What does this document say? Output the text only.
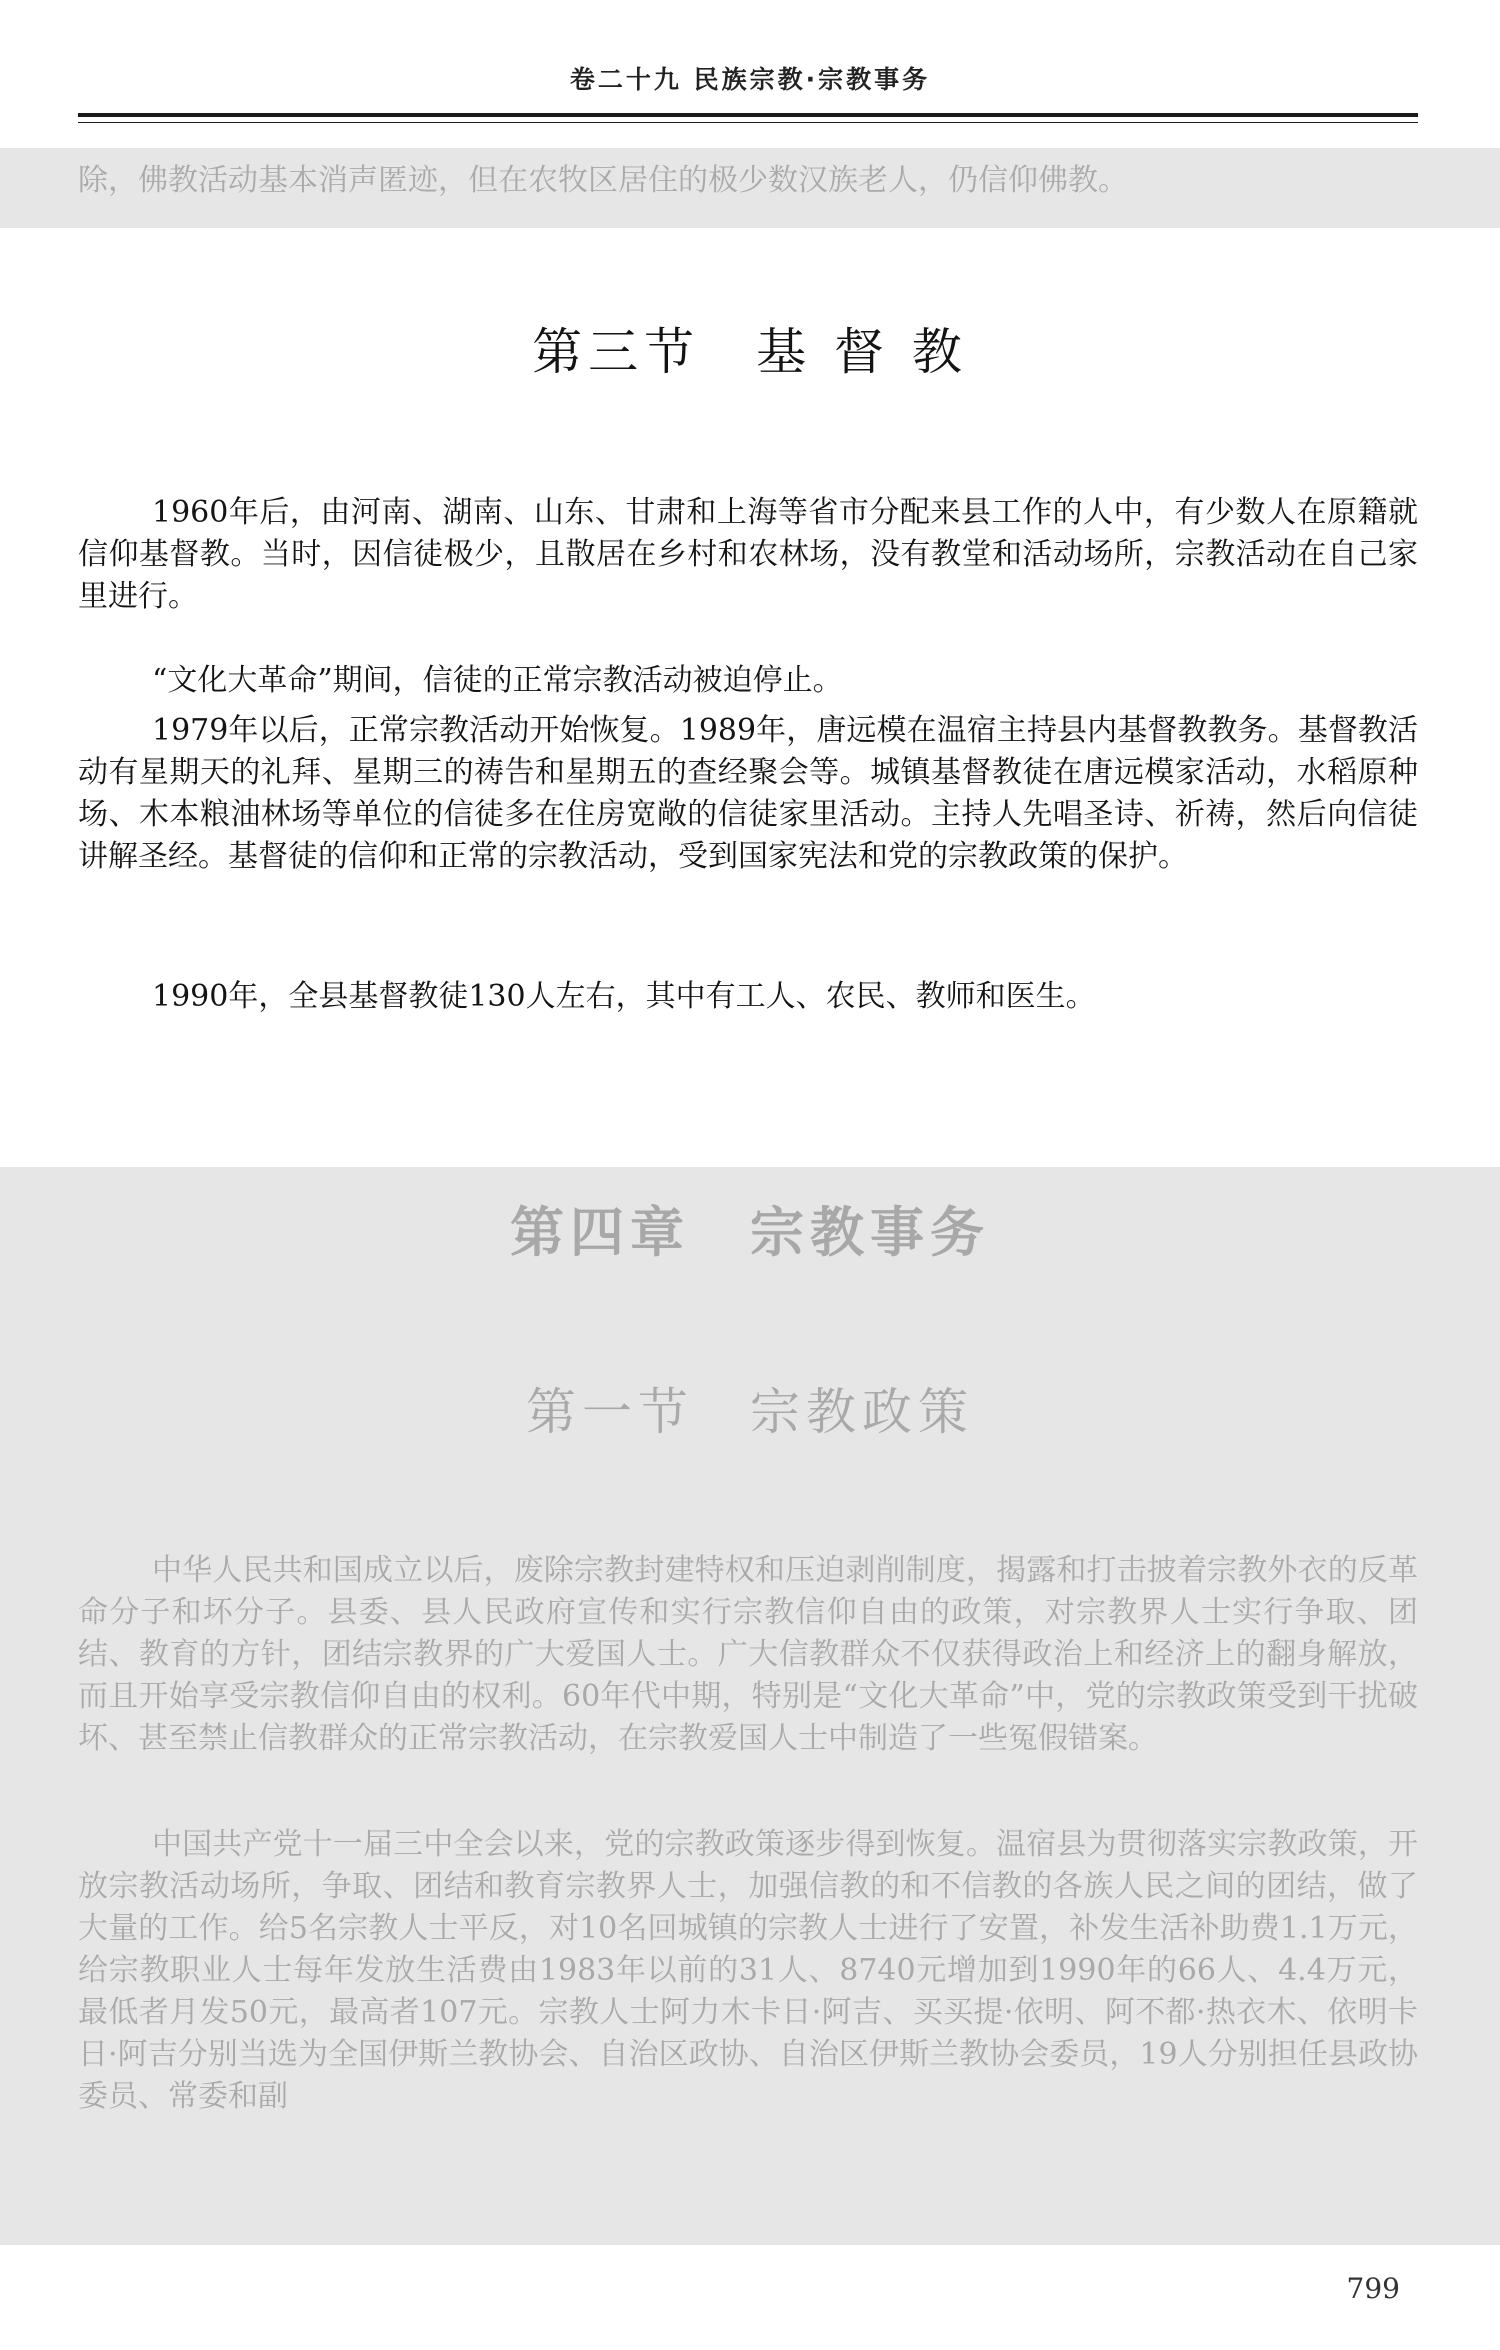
卷二十九 民族宗教·宗教事务

除，佛教活动基本消声匿迹，但在农牧区居住的极少数汉族老人，仍信仰佛教。

第三节　基 督 教

1960年后，由河南、湖南、山东、甘肃和上海等省市分配来县工作的人中，有少数人在原籍就信仰基督教。当时，因信徒极少，且散居在乡村和农林场，没有教堂和活动场所，宗教活动在自己家里进行。

“文化大革命”期间，信徒的正常宗教活动被迫停止。

1979年以后，正常宗教活动开始恢复。1989年，唐远模在温宿主持县内基督教教务。基督教活动有星期天的礼拜、星期三的祷告和星期五的查经聚会等。城镇基督教徒在唐远模家活动，水稻原种场、木本粮油林场等单位的信徒多在住房宽敞的信徒家里活动。主持人先唱圣诗、祈祷，然后向信徒讲解圣经。基督徒的信仰和正常的宗教活动，受到国家宪法和党的宗教政策的保护。

1990年，全县基督教徒130人左右，其中有工人、农民、教师和医生。

第四章　宗教事务
第一节　宗教政策

中华人民共和国成立以后，废除宗教封建特权和压迫剥削制度，揭露和打击披着宗教外衣的反革命分子和坏分子。县委、县人民政府宣传和实行宗教信仰自由的政策，对宗教界人士实行争取、团结、教育的方针，团结宗教界的广大爱国人士。广大信教群众不仅获得政治上和经济上的翻身解放，而且开始享受宗教信仰自由的权利。60年代中期，特别是“文化大革命”中，党的宗教政策受到干扰破坏、甚至禁止信教群众的正常宗教活动，在宗教爱国人士中制造了一些冤假错案。

中国共产党十一届三中全会以来，党的宗教政策逐步得到恢复。温宿县为贯彻落实宗教政策，开放宗教活动场所，争取、团结和教育宗教界人士，加强信教的和不信教的各族人民之间的团结，做了大量的工作。给5名宗教人士平反，对10名回城镇的宗教人士进行了安置，补发生活补助费1.1万元，给宗教职业人士每年发放生活费由1983年以前的31人、8740元增加到1990年的66人、4.4万元，最低者月发50元，最高者107元。宗教人士阿力木卡日·阿吉、买买提·依明、阿不都·热衣木、依明卡日·阿吉分别当选为全国伊斯兰教协会、自治区政协、自治区伊斯兰教协会委员，19人分别担任县政协委员、常委和副

799
